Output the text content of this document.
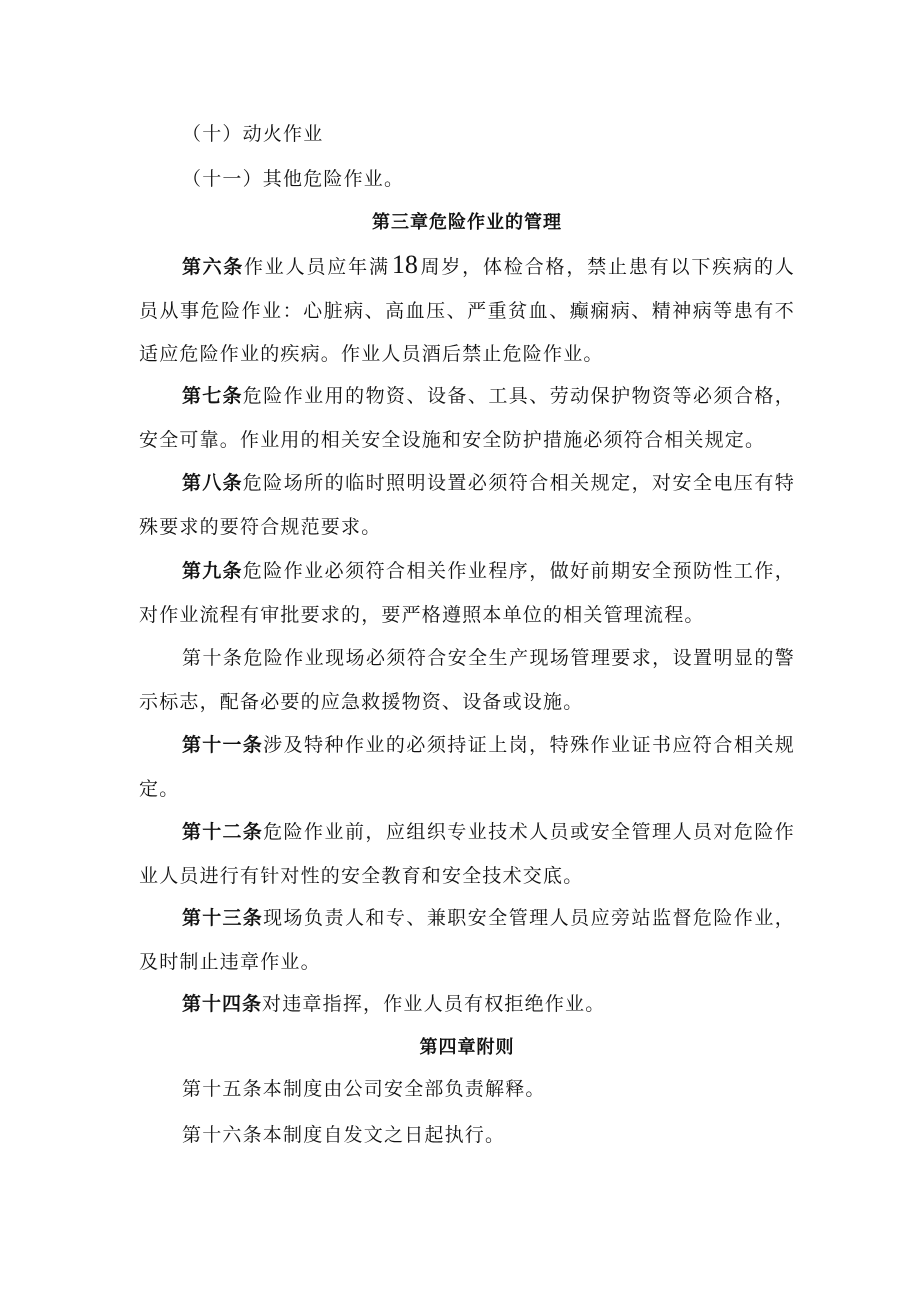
（十）动火作业
（十一）其他危险作业。
第三章危险作业的管理
第六条作业人员应年满18 周岁，体检合格，禁止患有以下疾病的人员从事危险作业：心脏病、高血压、严重贫血、癫痫病、精神病等患有不适应危险作业的疾病。作业人员酒后禁止危险作业。
第七条危险作业用的物资、设备、工具、劳动保护物资等必须合格，安全可靠。作业用的相关安全设施和安全防护措施必须符合相关规定。
第八条危险场所的临时照明设置必须符合相关规定，对安全电压有特殊要求的要符合规范要求。
第九条危险作业必须符合相关作业程序，做好前期安全预防性工作，对作业流程有审批要求的，要严格遵照本单位的相关管理流程。
第十条危险作业现场必须符合安全生产现场管理要求，设置明显的警示标志，配备必要的应急救援物资、设备或设施。
第十一条涉及特种作业的必须持证上岗，特殊作业证书应符合相关规定。
第十二条危险作业前，应组织专业技术人员或安全管理人员对危险作业人员进行有针对性的安全教育和安全技术交底。
第十三条现场负责人和专、兼职安全管理人员应旁站监督危险作业，及时制止违章作业。
第十四条对违章指挥，作业人员有权拒绝作业。
第四章附则
第十五条本制度由公司安全部负责解释。
第十六条本制度自发文之日起执行。
